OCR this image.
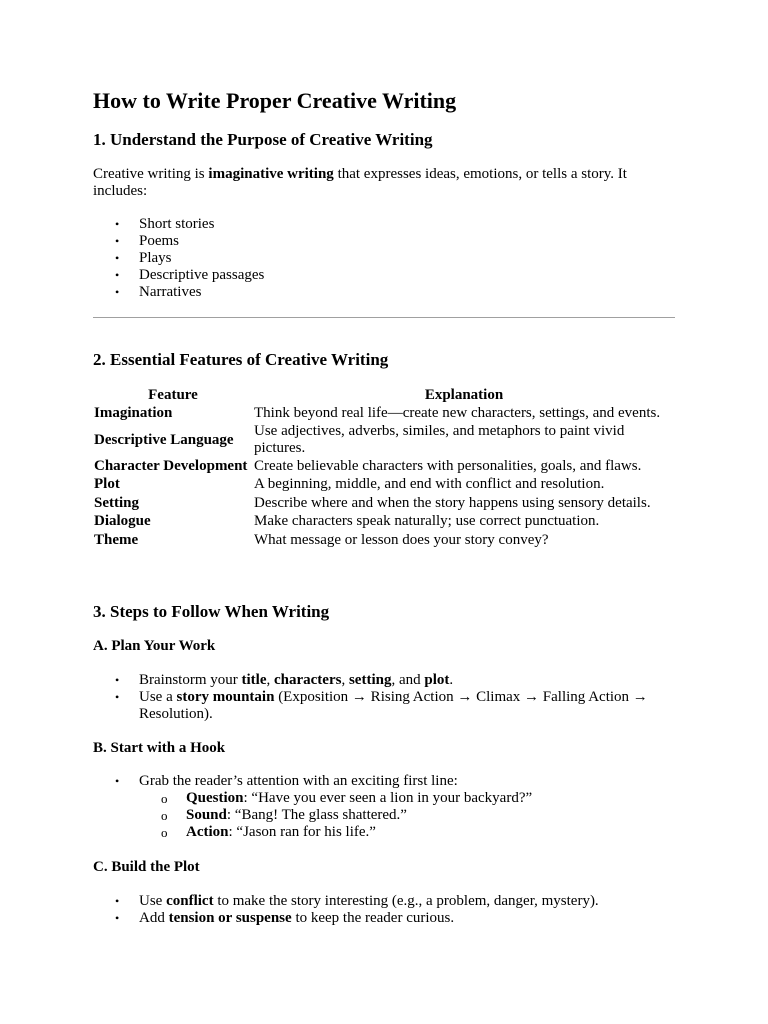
How to Write Proper Creative Writing
1. Understand the Purpose of Creative Writing

Creative writing is imaginative writing that expresses ideas, emotions, or tells a story. It includes:

• Short stories
• Poems
• Plays
• Descriptive passages
• Narratives
2. Essential Features of Creative Writing
Feature	Explanation
Imagination	Think beyond real life—create new characters, settings, and events.
Descriptive Language	Use adjectives, adverbs, similes, and metaphors to paint vivid pictures.
Character Development	Create believable characters with personalities, goals, and flaws.
Plot	A beginning, middle, and end with conflict and resolution.
Setting	Describe where and when the story happens using sensory details.
Dialogue	Make characters speak naturally; use correct punctuation.
Theme	What message or lesson does your story convey?
3. Steps to Follow When Writing
A. Plan Your Work
• Brainstorm your title, characters, setting, and plot.
• Use a story mountain (Exposition → Rising Action → Climax → Falling Action → Resolution).
B. Start with a Hook
• Grab the reader’s attention with an exciting first line:
o Question: “Have you ever seen a lion in your backyard?”
o Sound: “Bang! The glass shattered.”
o Action: “Jason ran for his life.”
C. Build the Plot
• Use conflict to make the story interesting (e.g., a problem, danger, mystery).
• Add tension or suspense to keep the reader curious.
